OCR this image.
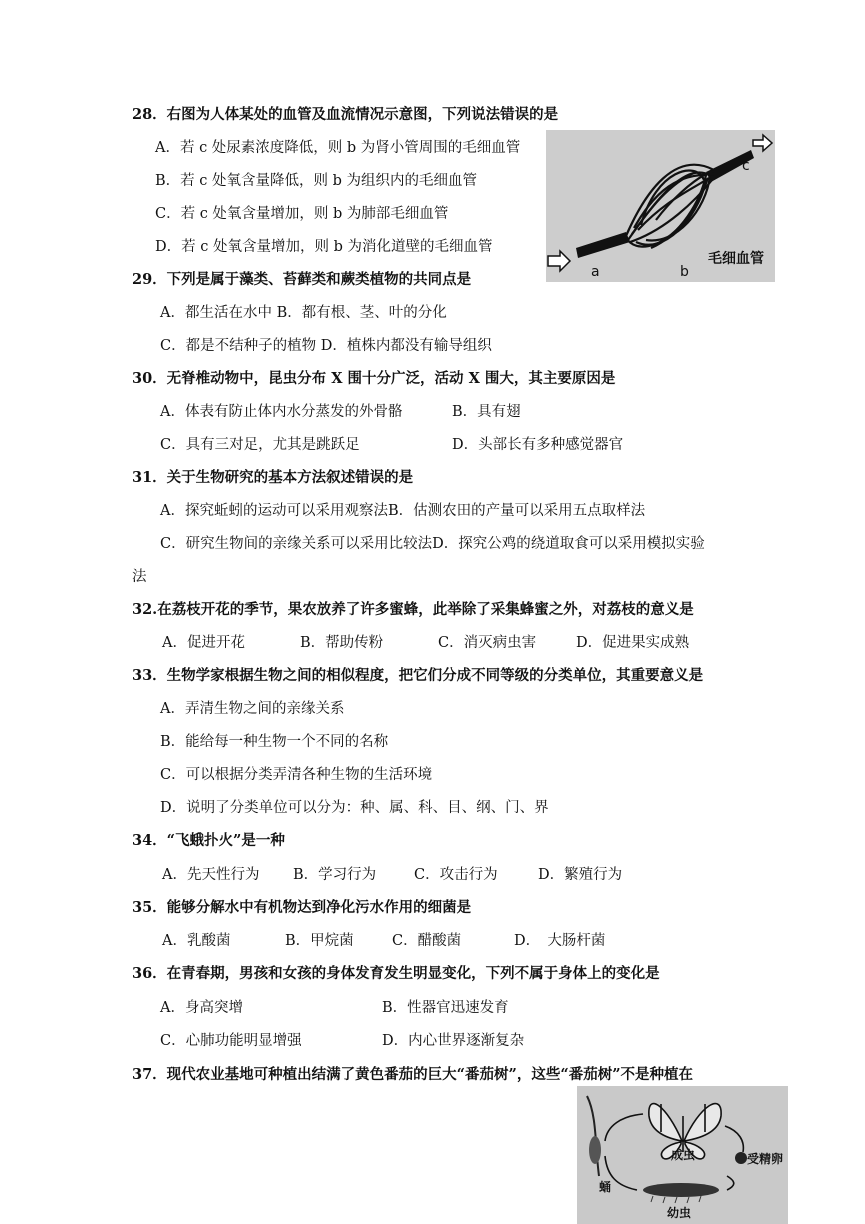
28．右图为人体某处的血管及血流情况示意图，下列说法错误的是
A．若 c 处尿素浓度降低，则 b 为肾小管周围的毛细血管
B．若 c 处氧含量降低，则 b 为组织内的毛细血管
C．若 c 处氧含量增加，则 b 为肺部毛细血管
D．若 c 处氧含量增加，则 b 为消化道壁的毛细血管
毛细血管
a	b
c
29．下列是属于藻类、苔藓类和蕨类植物的共同点是
A．都生活在水中 B．都有根、茎、叶的分化
C．都是不结种子的植物 D．植株内都没有输导组织
30．无脊椎动物中，昆虫分布 X 围十分广泛，活动 X 围大，其主要原因是
A．体表有防止体内水分蒸发的外骨骼	B．具有翅
C．具有三对足，尤其是跳跃足	D．头部长有多种感觉器官
31．关于生物研究的基本方法叙述错误的是
A．探究蚯蚓的运动可以采用观察法B．估测农田的产量可以采用五点取样法
C．研究生物间的亲缘关系可以采用比较法D．探究公鸡的绕道取食可以采用模拟实验
法
32.在荔枝开花的季节，果农放养了许多蜜蜂，此举除了采集蜂蜜之外，对荔枝的意义是
A．促进开花	B．帮助传粉	C．消灭病虫害	D．促进果实成熟
33．生物学家根据生物之间的相似程度，把它们分成不同等级的分类单位，其重要意义是
A．弄清生物之间的亲缘关系
B．能给每一种生物一个不同的名称
C．可以根据分类弄清各种生物的生活环境
D．说明了分类单位可以分为：种、属、科、目、纲、门、界
34．“飞蛾扑火”是一种
A．先天性行为 B．学习行为	C．攻击行为	D．繁殖行为
35．能够分解水中有机物达到净化污水作用的细菌是
A．乳酸菌	B．甲烷菌	C．醋酸菌	D．　大肠杆菌
36．在青春期，男孩和女孩的身体发育发生明显变化，下列不属于身体上的变化是
A．身高突增	B．性器官迅速发育
C．心肺功能明显增强	D．内心世界逐渐复杂
37．现代农业基地可种植出结满了黄色番茄的巨大“番茄树”，这些“番茄树”不是种植在
成虫	受精卵
幼虫
蛹
